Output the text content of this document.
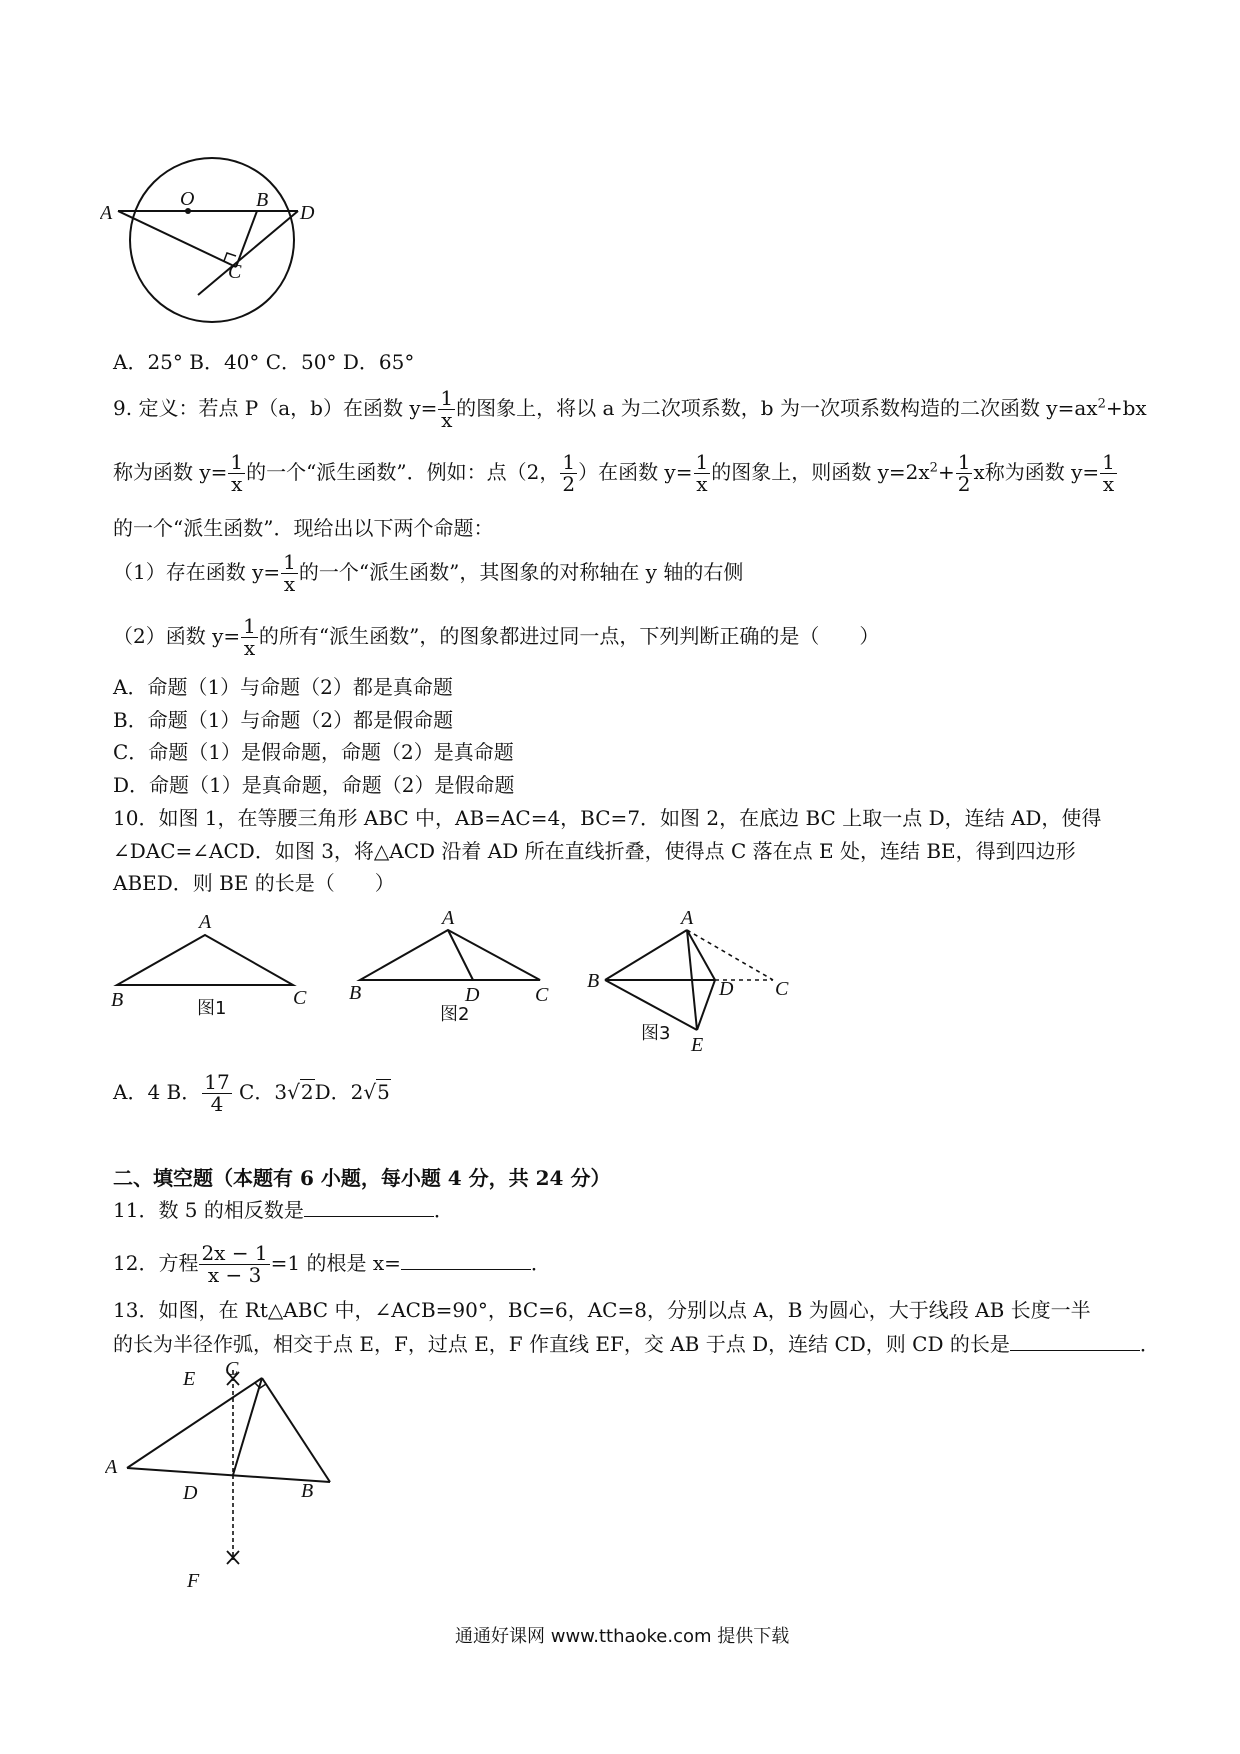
A
O	B
D
C
A．25° B．40° C．50° D．65°
9. 定义：若点 P（a，b）在函数 $y= \frac{1}{x}$ 的图象上，将以 a 为二次项系数，b 为一次项系数构造的二次函数 $y=ax^2+bx$
称为函数 $y= \frac{1}{x}$ 的一个“派生函数”．例如：点（2， $\frac{1}{2}$ ）在函数 $y= \frac{1}{x}$ 的图象上，则函数 $y=2x^2+ \frac{1}{2}$ x称为函数 $y= \frac{1}{x}$
的一个“派生函数”．现给出以下两个命题：
（1）存在函数 $y= \frac{1}{x}$ 的一个“派生函数”，其图象的对称轴在 y 轴的右侧
（2）函数 $y= \frac{1}{x}$ 的所有“派生函数”，的图象都进过同一点，下列判断正确的是（　　）
A．命题（1）与命题（2）都是真命题
B．命题（1）与命题（2）都是假命题
C．命题（1）是假命题，命题（2）是真命题
D．命题（1）是真命题，命题（2）是假命题
10．如图 1，在等腰三角形 ABC 中，AB=AC=4，BC=7．如图 2，在底边 BC 上取一点 D，连结 AD，使得
∠DAC=∠ACD．如图 3，将△ACD 沿着 AD 所在直线折叠，使得点 C 落在点 E 处，连结 BE，得到四边形
ABED．则 BE 的长是（　　）
A
B	C
图1
A
B	D	C
图2
A
B	D C
图3
E
A．4 B． $\frac{17}{4}$ C．3√2D．2√5
二、填空题（本题有 6 小题，每小题 4 分，共 24 分）
11．数 5 的相反数是	．
12．方程 $\frac{2x - 1}{x - 3} =1$ 的根是 x=	．
13．如图，在 Rt△ABC 中，∠ACB=90°，BC=6，AC=8，分别以点 A，B 为圆心，大于线段 AB 长度一半
的长为半径作弧，相交于点 E，F，过点 E，F 作直线 EF，交 AB 于点 D，连结 CD，则 CD 的长是	．
E C
A
D	B
F
通通好课网 www.tthaoke.com 提供下载
